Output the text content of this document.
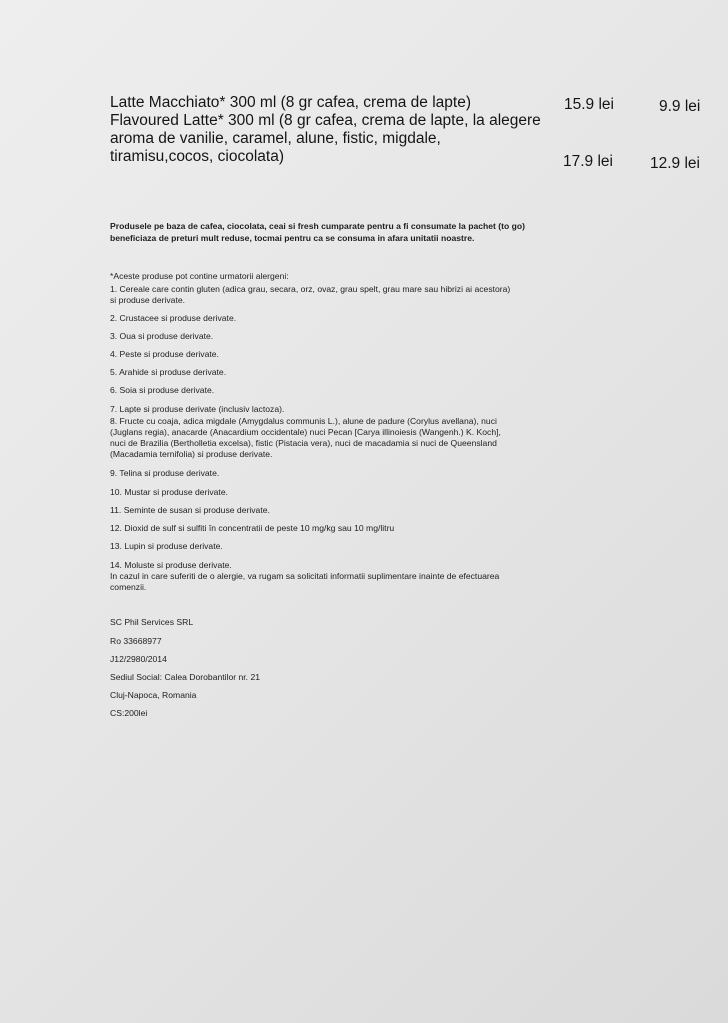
Latte Macchiato* 300 ml (8 gr cafea, crema de lapte)	15.9 lei	9.9 lei
Flavoured Latte* 300 ml (8 gr cafea, crema de lapte, la alegere
aroma de vanilie, caramel, alune, fistic, migdale,
tiramisu,cocos, ciocolata)	17.9 lei 12.9 lei
Produsele pe baza de cafea, ciocolata, ceai si fresh cumparate pentru a fi consumate la pachet (to go)
beneficiaza de preturi mult reduse, tocmai pentru ca se consuma in afara unitatii noastre.
*Aceste produse pot contine urmatorii alergeni:
1. Cereale care contin gluten (adica grau, secara, orz, ovaz, grau spelt, grau mare sau hibrizi ai acestora)
si produse derivate.
2. Crustacee si produse derivate.
3. Oua si produse derivate.
4. Peste si produse derivate.
5. Arahide si produse derivate.
6. Soia si produse derivate.
7. Lapte si produse derivate (inclusiv lactoza).
8. Fructe cu coaja, adica migdale (Amygdalus communis L.), alune de padure (Corylus avellana), nuci
(Juglans regia), anacarde (Anacardium occidentale) nuci Pecan [Carya illinoiesis (Wangenh.) K. Koch],
nuci de Brazilia (Bertholletia excelsa), fistic (Pistacia vera), nuci de macadamia si nuci de Queensland
(Macadamia ternifolia) si produse derivate.
9. Telina si produse derivate.
10. Mustar si produse derivate.
11. Seminte de susan si produse derivate.
12. Dioxid de sulf si sulfiti în concentratii de peste 10 mg/kg sau 10 mg/litru
13. Lupin si produse derivate.
14. Moluste si produse derivate.
In cazul in care suferiti de o alergie, va rugam sa solicitati informatii suplimentare inainte de efectuarea
comenzii.
SC Phil Services SRL
Ro 33668977
J12/2980/2014
Sediul Social: Calea Dorobantilor nr. 21
Cluj-Napoca, Romania
CS:200lei
